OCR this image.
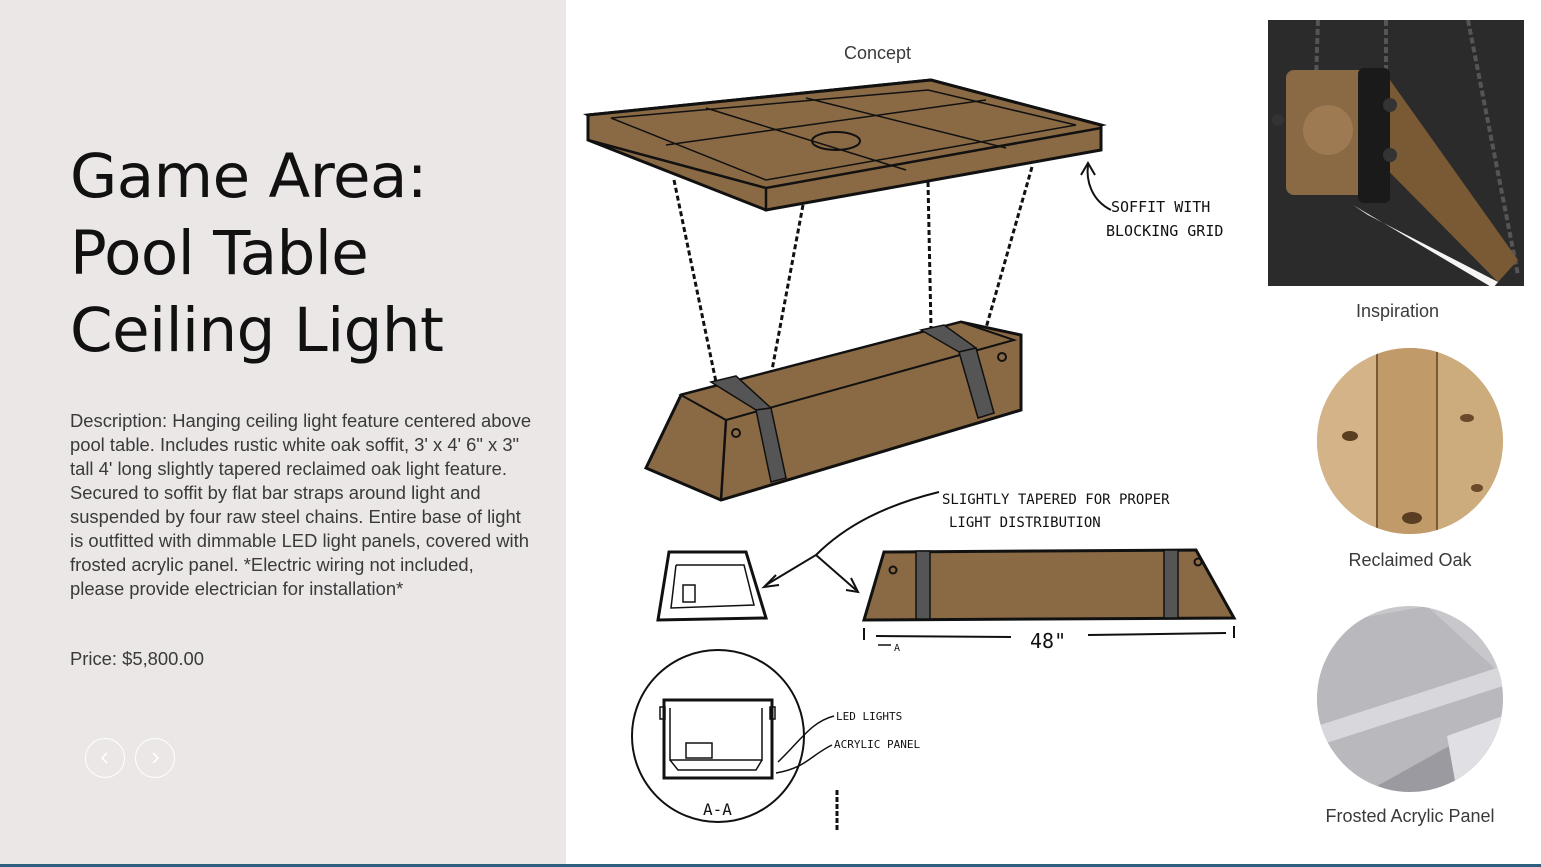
Game Area:
Pool Table
Ceiling Light

Description: Hanging ceiling light feature centered above pool table. Includes rustic white oak soffit, 3' x 4' 6" x 3" tall 4' long slightly tapered reclaimed oak light feature. Secured to soffit by flat bar straps around light and suspended by four raw steel chains. Entire base of light is outfitted with dimmable LED light panels, covered with frosted acrylic panel. *Electric wiring not included, please provide electrician for installation*

Price: $5,800.00

Concept
SOFFIT WITH
BLOCKING GRID
SLIGHTLY TAPERED FOR PROPER
LIGHT DISTRIBUTION
48"
A
A-A
LED LIGHTS
ACRYLIC PANEL
Inspiration
Reclaimed Oak
Frosted Acrylic Panel
